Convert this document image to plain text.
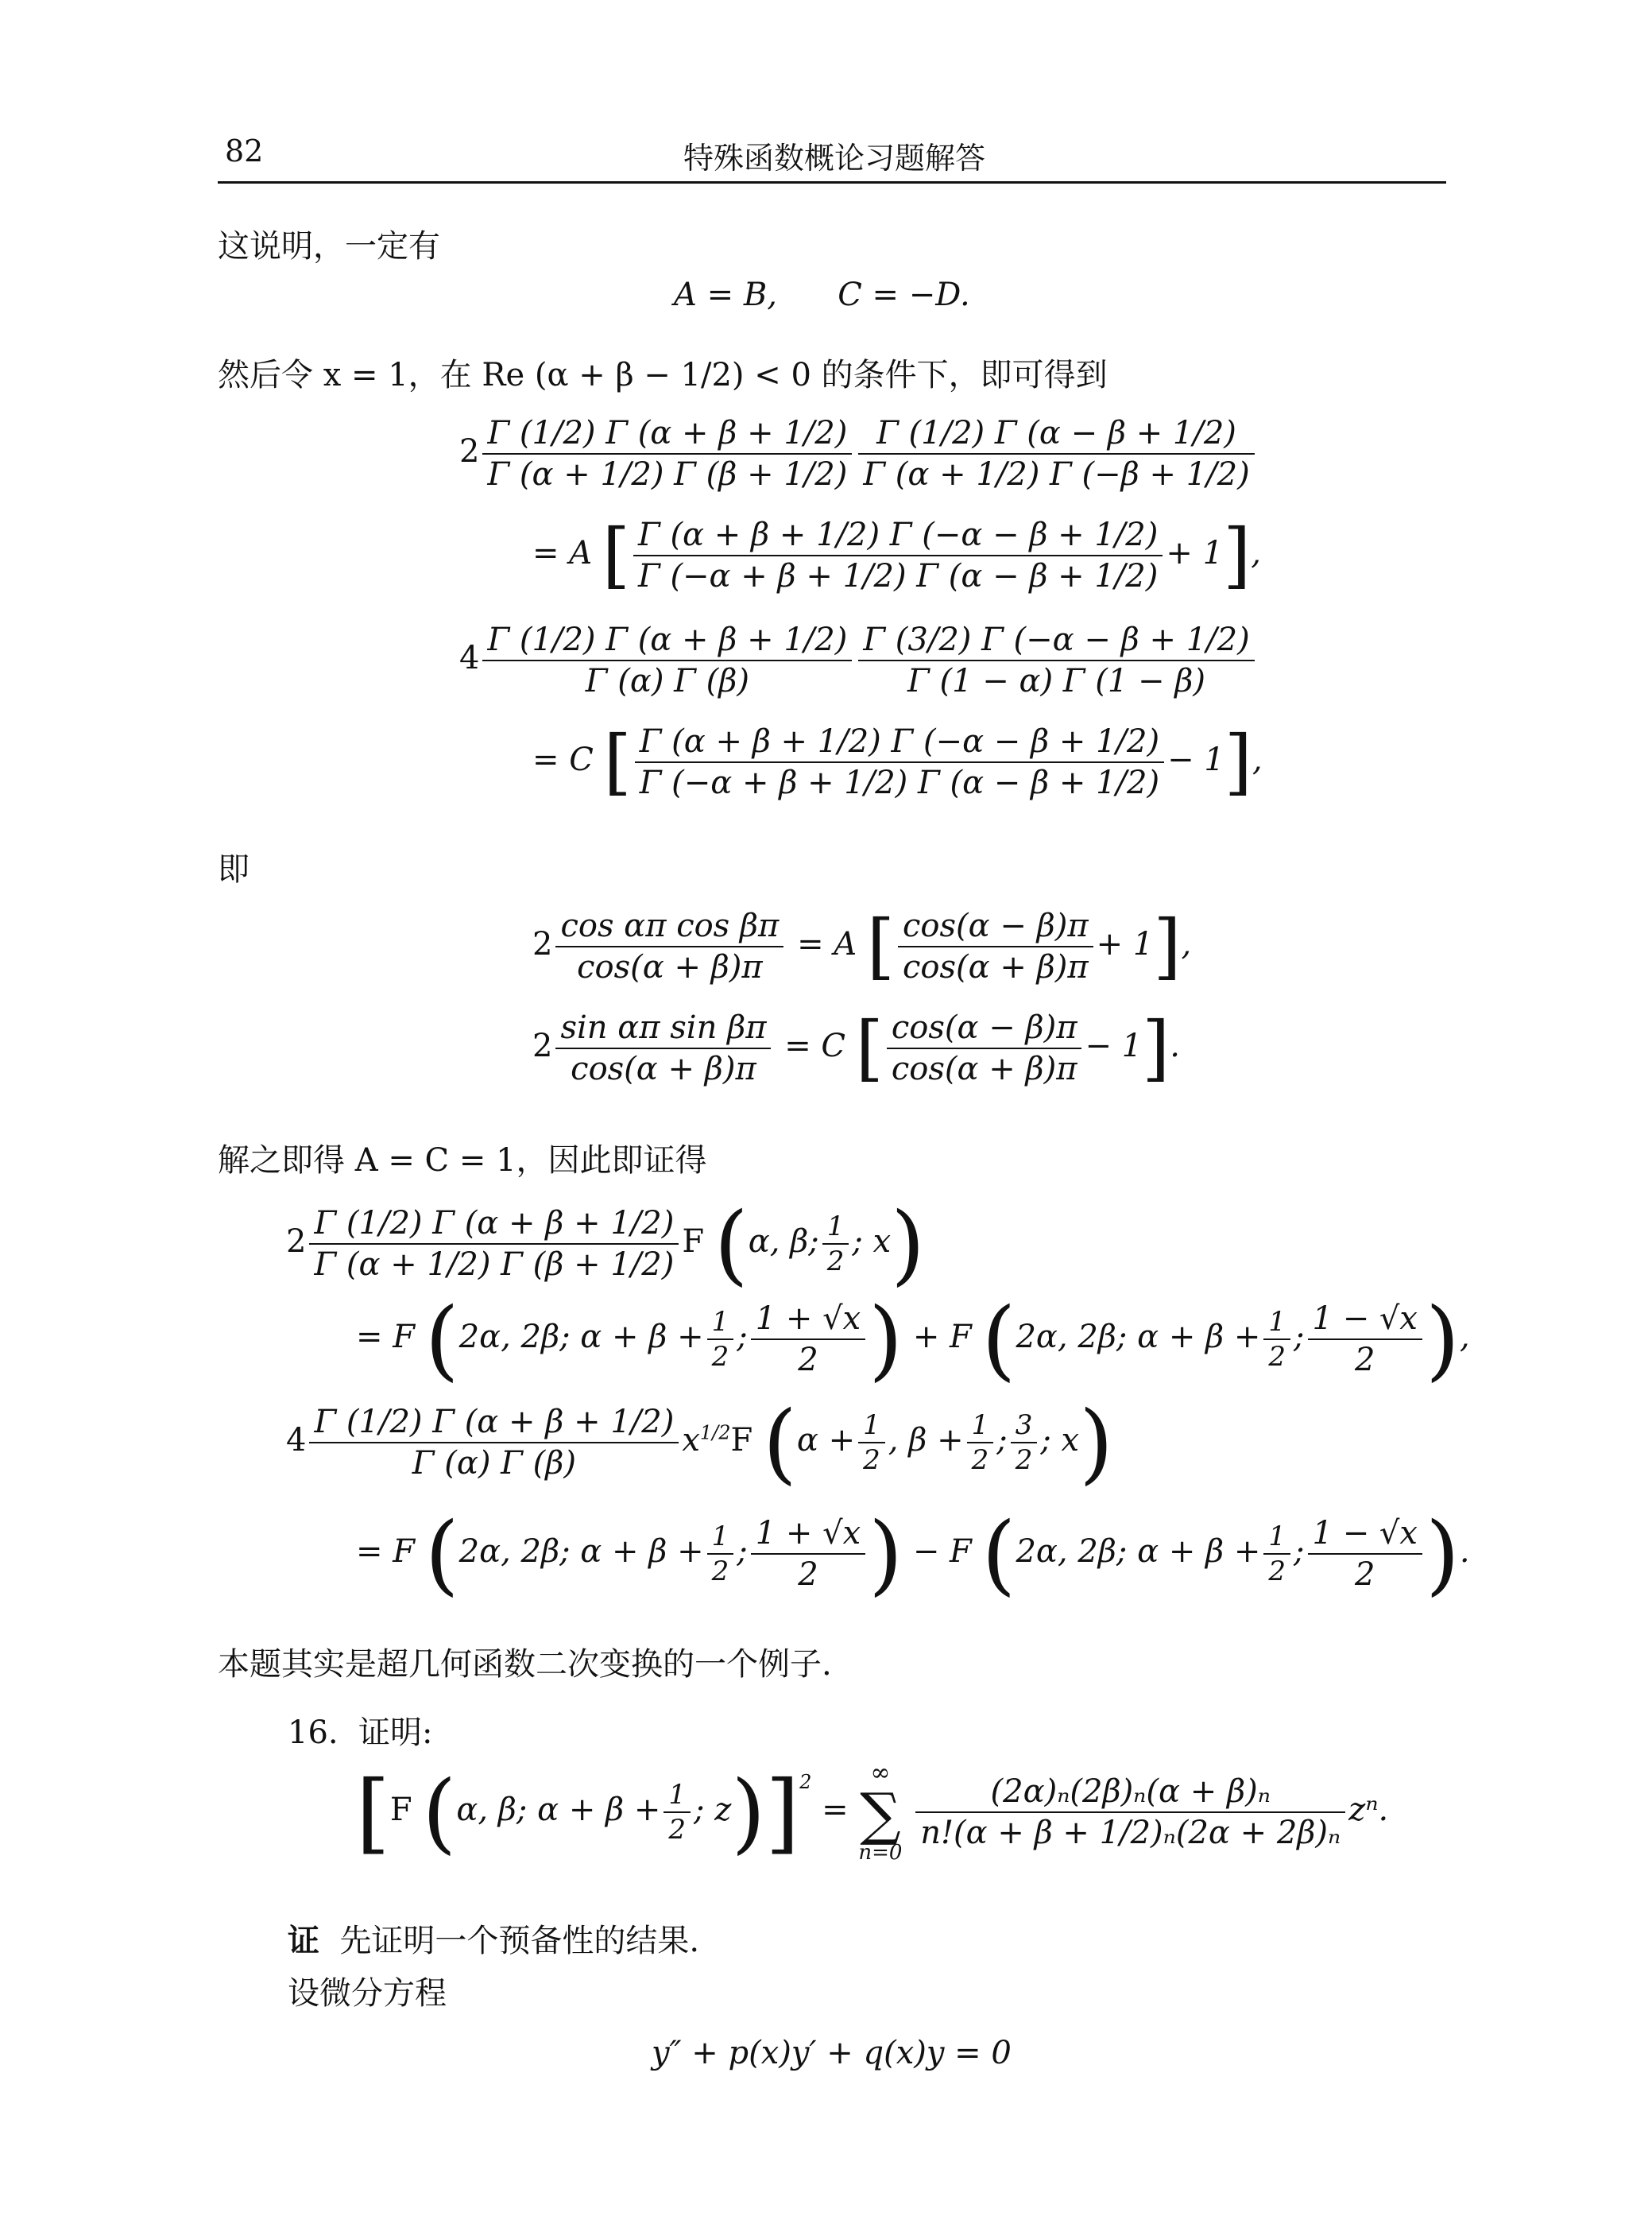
82	特殊函数概论习题解答
这说明，一定有
A = B,      C = −D.
然后令 x = 1，在 Re (α + β − 1/2) < 0 的条件下，即可得到
$2 \frac{\Gamma (1/2) \Gamma (\alpha + \beta + 1/2)}{\Gamma (\alpha + 1/2) \Gamma (\beta + 1/2)} \frac{\Gamma (1/2) \Gamma (\alpha - \beta + 1/2)}{\Gamma (\alpha + 1/2) \Gamma (-\beta + 1/2)}$
= A [ $\frac{\Gamma (\alpha + \beta + 1/2) \Gamma (-\alpha - \beta + 1/2)}{\Gamma (-\alpha + \beta + 1/2) \Gamma (\alpha - \beta + 1/2)} + 1$],
$4 \frac{\Gamma (1/2) \Gamma (\alpha + \beta + 1/2)}{\Gamma (\alpha) \Gamma (\beta)} \frac{\Gamma (3/2) \Gamma (-\alpha - \beta + 1/2)}{\Gamma (1 - \alpha) \Gamma (1 - \beta)}$
= C [ $\frac{\Gamma (\alpha + \beta + 1/2) \Gamma (-\alpha - \beta + 1/2)}{\Gamma (-\alpha + \beta + 1/2) \Gamma (\alpha - \beta + 1/2)} - 1$],
即
$2 \frac{\text{cos απ cos βπ}}{\cos(\alpha + \beta)\pi} = A$ [ $\frac{\cos(\alpha - \beta)\pi}{\cos(\alpha + \beta)\pi} + 1$],
$2 \frac{\text{sin απ sin βπ}}{\cos(\alpha + \beta)\pi} = C$ [ $\frac{\cos(\alpha - \beta)\pi}{\cos(\alpha + \beta)\pi} - 1$].
解之即得 A = C = 1，因此即证得
$2 \frac{\Gamma (1/2) \Gamma (\alpha + \beta + 1/2)}{\Gamma (\alpha + 1/2) \Gamma (\beta + 1/2)}$ F (α, β; $\frac{1}{2}$ ; x)
= F (2α, 2β; $\alpha + \beta + \frac{1}{2}$ ; $\frac{1 + √x}{2}$ ) + F (2α, 2β; $\alpha + \beta + \frac{1}{2}$ ; $\frac{1 - √x}{2}$ ),
$4 \frac{\Gamma (1/2) \Gamma (\alpha + \beta + 1/2)}{\Gamma (\alpha) \Gamma (\beta)} x^{1/2}F$ ($\alpha + \frac{1}{2}$ , $\beta + \frac{1}{2}$ ; $\frac{3}{2}$ ; x)
= F (2α, 2β; $\alpha + \beta + \frac{1}{2}$ ; $\frac{1 + √x}{2}$ ) − F (2α, 2β; $\alpha + \beta + \frac{1}{2}$ ; $\frac{1 - √x}{2}$ ).
本题其实是超几何函数二次变换的一个例子.
16.  证明:
[F (α, β; $\alpha + \beta + \frac{1}{2}$ ; z)]$^2$ =
∞
∑
n=0
$\frac{\text{(2α)ₙ(2β)ₙ(α + β)ₙ}}{\text{n!(α + β + 1/2)ₙ(2α + 2β)ₙ}} z^n$.
证 先证明一个预备性的结果.
设微分方程
y″ + p(x)y′ + q(x)y = 0
